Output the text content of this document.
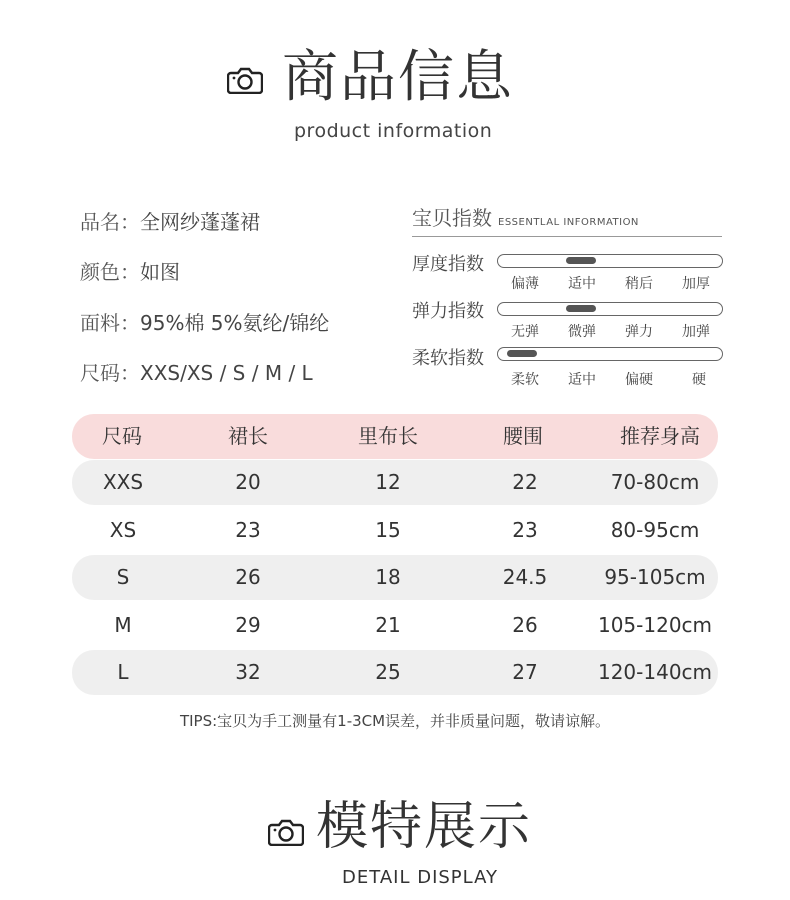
商品信息
product information
品名：全网纱蓬蓬裙
颜色：如图
面料：95%棉 5%氨纶/锦纶
尺码：XXS/XS / S / M / L
宝贝指数 ESSENTLAL INFORMATION
厚度指数
偏薄 适中 稍后 加厚
弹力指数
无弹 微弹 弹力 加弹
柔软指数
柔软 适中 偏硬	硬
尺码	裙长	里布长	腰围	推荐身高
XXS	20	12	22	70-80cm
XS	23	15	23	80-95cm
S	26	18	24.5	95-105cm
M	29	21	26	105-120cm
L	32	25	27	120-140cm
TIPS:宝贝为手工测量有1-3CM误差，并非质量问题，敬请谅解。
模特展示
DETAIL DISPLAY
